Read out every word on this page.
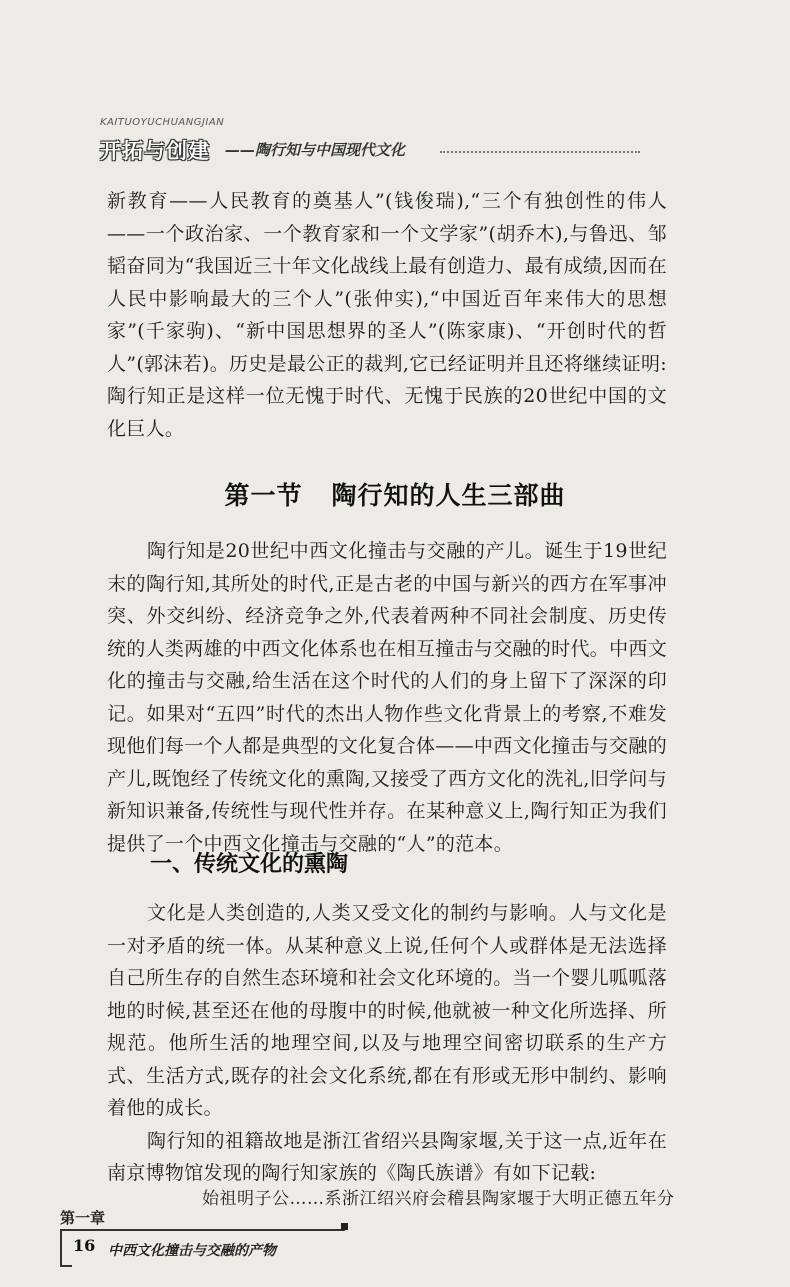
KAITUOYUCHUANGJIAN
开拓与创建 ——陶行知与中国现代文化

新教育——人民教育的奠基人”(钱俊瑞),“三个有独创性的伟人——一个政治家、一个教育家和一个文学家”(胡乔木),与鲁迅、邹韬奋同为“我国近三十年文化战线上最有创造力、最有成绩,因而在人民中影响最大的三个人”(张仲实),“中国近百年来伟大的思想家”(千家驹)、“新中国思想界的圣人”(陈家康)、“开创时代的哲人”(郭沫若)。历史是最公正的裁判,它已经证明并且还将继续证明:陶行知正是这样一位无愧于时代、无愧于民族的20世纪中国的文化巨人。

第一节   陶行知的人生三部曲

陶行知是20世纪中西文化撞击与交融的产儿。诞生于19世纪末的陶行知,其所处的时代,正是古老的中国与新兴的西方在军事冲突、外交纠纷、经济竞争之外,代表着两种不同社会制度、历史传统的人类两雄的中西文化体系也在相互撞击与交融的时代。中西文化的撞击与交融,给生活在这个时代的人们的身上留下了深深的印记。如果对“五四”时代的杰出人物作些文化背景上的考察,不难发现他们每一个人都是典型的文化复合体——中西文化撞击与交融的产儿,既饱经了传统文化的熏陶,又接受了西方文化的洗礼,旧学问与新知识兼备,传统性与现代性并存。在某种意义上,陶行知正为我们提供了一个中西文化撞击与交融的“人”的范本。

一、传统文化的熏陶

文化是人类创造的,人类又受文化的制约与影响。人与文化是一对矛盾的统一体。从某种意义上说,任何个人或群体是无法选择自己所生存的自然生态环境和社会文化环境的。当一个婴儿呱呱落地的时候,甚至还在他的母腹中的时候,他就被一种文化所选择、所规范。他所生活的地理空间,以及与地理空间密切联系的生产方式、生活方式,既存的社会文化系统,都在有形或无形中制约、影响着他的成长。

陶行知的祖籍故地是浙江省绍兴县陶家堰,关于这一点,近年在南京博物馆发现的陶行知家族的《陶氏族谱》有如下记载:

始祖明子公……系浙江绍兴府会稽县陶家堰于大明正德五年分
第一章
16 中西文化撞击与交融的产物
